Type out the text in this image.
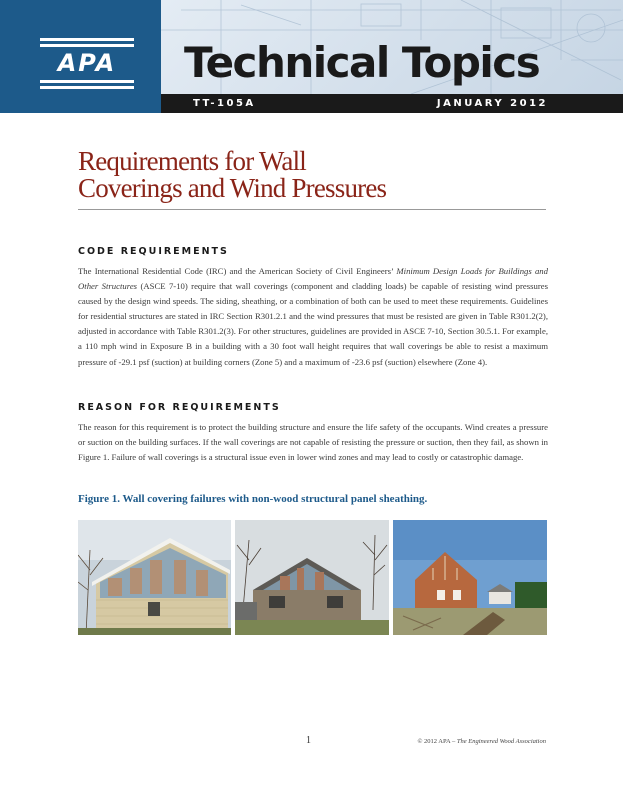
APA	Technical Topics
TT-105A	JANUARY 2012
Requirements for Wall
Coverings and Wind Pressures
CODE REQUIREMENTS
The International Residential Code (IRC) and the American Society of Civil Engineers’ Minimum Design Loads for Buildings and Other Structures (ASCE 7-10) require that wall coverings (component and cladding loads) be capable of resisting wind pressures caused by the design wind speeds. The siding, sheathing, or a combination of both can be used to meet these requirements. Guidelines for residential structures are stated in IRC Section R301.2.1 and the wind pressures that must be resisted are given in Table R301.2(2), adjusted in accordance with Table R301.2(3). For other structures, guidelines are provided in ASCE 7-10, Section 30.5.1. For example, a 110 mph wind in Exposure B in a building with a 30 foot wall height requires that wall coverings be able to resist a maximum pressure of -29.1 psf (suction) at building corners (Zone 5) and a maximum of -23.6 psf (suction) elsewhere (Zone 4).
REASON FOR REQUIREMENTS
The reason for this requirement is to protect the building structure and ensure the life safety of the occupants. Wind creates a pressure or suction on the building surfaces. If the wall coverings are not capable of resisting the pressure or suction, then they fail, as shown in Figure 1. Failure of wall coverings is a structural issue even in lower wind zones and may lead to costly or catastrophic damage.
Figure 1. Wall covering failures with non-wood structural panel sheathing.
1	© 2012 APA – The Engineered Wood Association
